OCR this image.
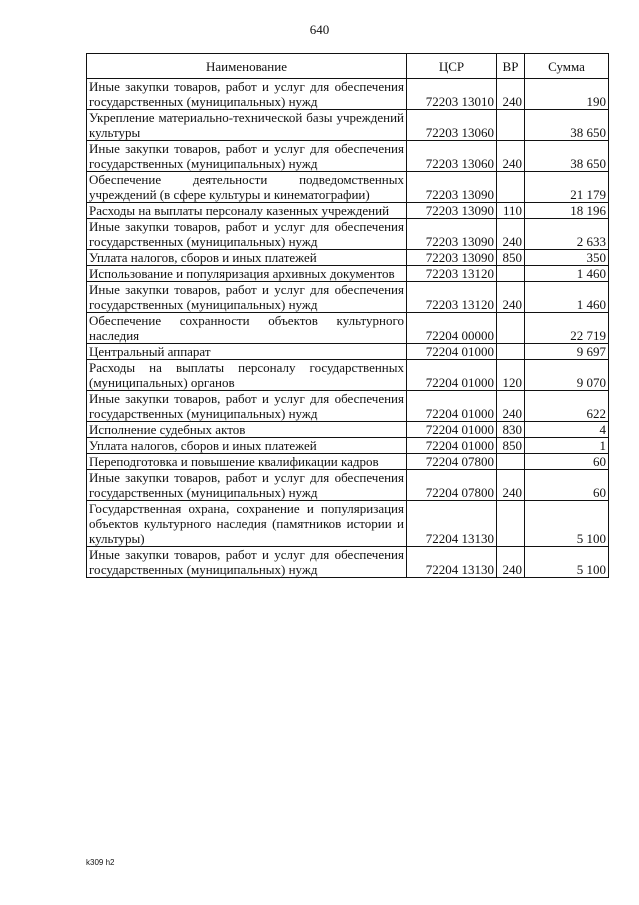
640
Наименование	ЦСР	ВР	Сумма
Иные закупки товаров, работ и услуг для обеспечения государственных (муниципальных) нужд	72203 13010	240	190
Укрепление материально-технической базы учреждений культуры	72203 13060		38 650
Иные закупки товаров, работ и услуг для обеспечения государственных (муниципальных) нужд	72203 13060	240	38 650
Обеспечение деятельности подведомственных учреждений (в сфере культуры и кинематографии)	72203 13090		21 179
Расходы на выплаты персоналу казенных учреждений	72203 13090	110	18 196
Иные закупки товаров, работ и услуг для обеспечения государственных (муниципальных) нужд	72203 13090	240	2 633
Уплата налогов, сборов и иных платежей	72203 13090	850	350
Использование и популяризация архивных документов	72203 13120		1 460
Иные закупки товаров, работ и услуг для обеспечения государственных (муниципальных) нужд	72203 13120	240	1 460
Обеспечение сохранности объектов культурного наследия	72204 00000		22 719
Центральный аппарат	72204 01000		9 697
Расходы на выплаты персоналу государственных (муниципальных) органов	72204 01000	120	9 070
Иные закупки товаров, работ и услуг для обеспечения государственных (муниципальных) нужд	72204 01000	240	622
Исполнение судебных актов	72204 01000	830	4
Уплата налогов, сборов и иных платежей	72204 01000	850	1
Переподготовка и повышение квалификации кадров	72204 07800		60
Иные закупки товаров, работ и услуг для обеспечения государственных (муниципальных) нужд	72204 07800	240	60
Государственная охрана, сохранение и популяризация объектов культурного наследия (памятников истории и культуры)	72204 13130		5 100
Иные закупки товаров, работ и услуг для обеспечения государственных (муниципальных) нужд	72204 13130	240	5 100
k309 h2
